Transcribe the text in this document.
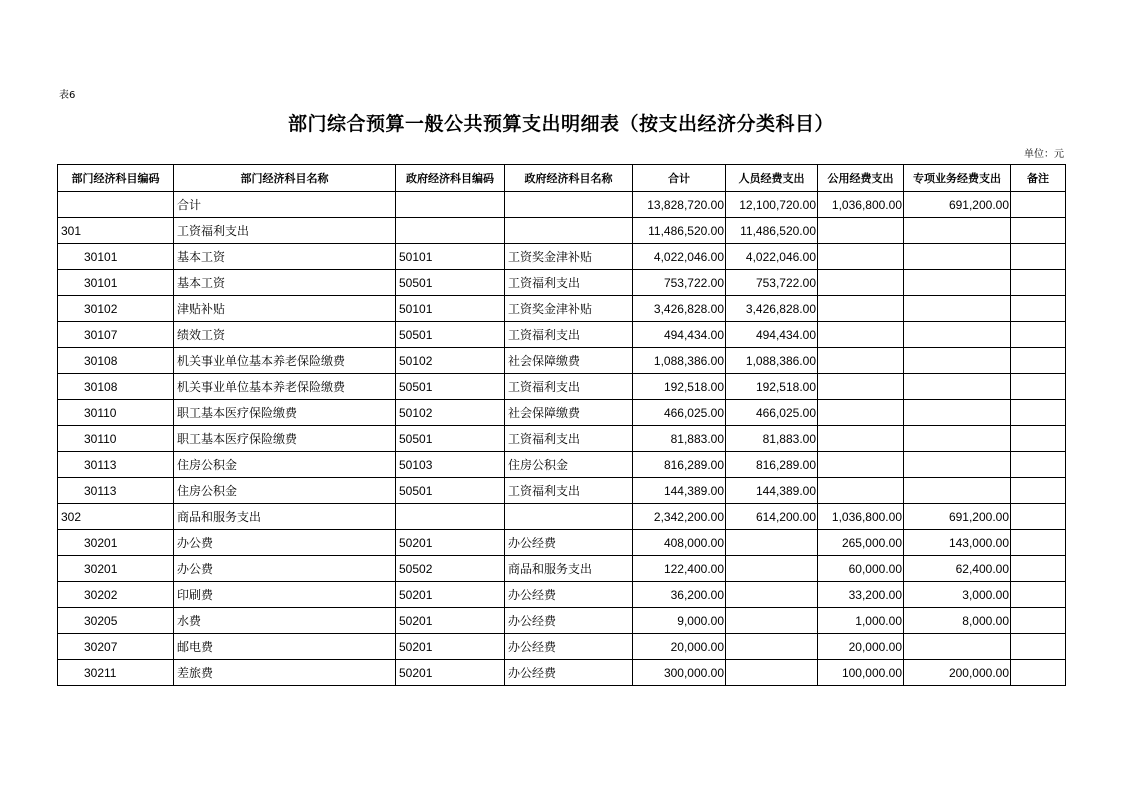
表6
部门综合预算一般公共预算支出明细表（按支出经济分类科目）
单位：元
部门经济科目编码	部门经济科目名称	政府经济科目编码	政府经济科目名称	合计	人员经费支出	公用经费支出	专项业务经费支出	备注
	合计			13,828,720.00	12,100,720.00	1,036,800.00	691,200.00	
301	工资福利支出			11,486,520.00	11,486,520.00			
30101	基本工资	50101	工资奖金津补贴	4,022,046.00	4,022,046.00			
30101	基本工资	50501	工资福利支出	753,722.00	753,722.00			
30102	津贴补贴	50101	工资奖金津补贴	3,426,828.00	3,426,828.00			
30107	绩效工资	50501	工资福利支出	494,434.00	494,434.00			
30108	机关事业单位基本养老保险缴费	50102	社会保障缴费	1,088,386.00	1,088,386.00			
30108	机关事业单位基本养老保险缴费	50501	工资福利支出	192,518.00	192,518.00			
30110	职工基本医疗保险缴费	50102	社会保障缴费	466,025.00	466,025.00			
30110	职工基本医疗保险缴费	50501	工资福利支出	81,883.00	81,883.00			
30113	住房公积金	50103	住房公积金	816,289.00	816,289.00			
30113	住房公积金	50501	工资福利支出	144,389.00	144,389.00			
302	商品和服务支出			2,342,200.00	614,200.00	1,036,800.00	691,200.00	
30201	办公费	50201	办公经费	408,000.00		265,000.00	143,000.00	
30201	办公费	50502	商品和服务支出	122,400.00		60,000.00	62,400.00	
30202	印刷费	50201	办公经费	36,200.00		33,200.00	3,000.00	
30205	水费	50201	办公经费	9,000.00		1,000.00	8,000.00	
30207	邮电费	50201	办公经费	20,000.00		20,000.00		
30211	差旅费	50201	办公经费	300,000.00		100,000.00	200,000.00	
